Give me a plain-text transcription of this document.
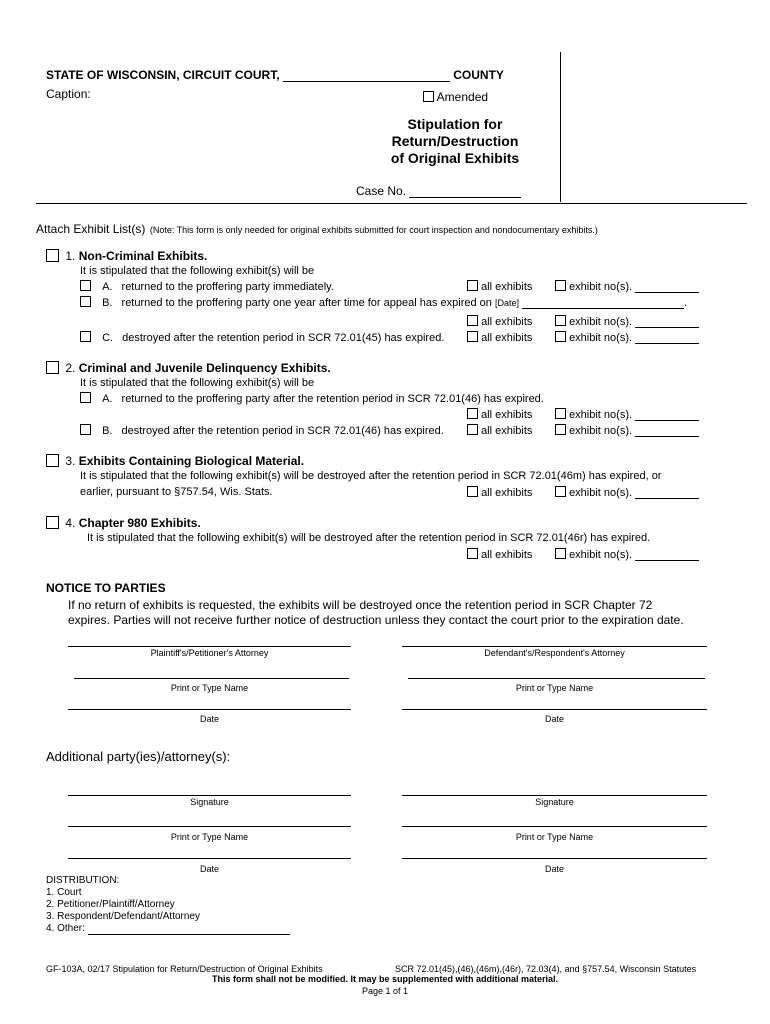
STATE OF WISCONSIN, CIRCUIT COURT,	COUNTY
Caption:	Amended
Stipulation for
Return/Destruction
of Original Exhibits
Case No.
Attach Exhibit List(s) (Note: This form is only needed for original exhibits submitted for court inspection and nondocumentary exhibits.)
1. Non-Criminal Exhibits.
It is stipulated that the following exhibit(s) will be
A. returned to the proffering party immediately.	all exhibits	exhibit no(s).
B. returned to the proffering party one year after time for appeal has expired on [Date]	.
all exhibits	exhibit no(s).
C. destroyed after the retention period in SCR 72.01(45) has expired.	all exhibits	exhibit no(s).
2. Criminal and Juvenile Delinquency Exhibits.
It is stipulated that the following exhibit(s) will be
A. returned to the proffering party after the retention period in SCR 72.01(46) has expired.
all exhibits	exhibit no(s).
B. destroyed after the retention period in SCR 72.01(46) has expired.	all exhibits	exhibit no(s).
3. Exhibits Containing Biological Material.
It is stipulated that the following exhibit(s) will be destroyed after the retention period in SCR 72.01(46m) has expired, or
earlier, pursuant to §757.54, Wis. Stats.	all exhibits	exhibit no(s).
4. Chapter 980 Exhibits.
It is stipulated that the following exhibit(s) will be destroyed after the retention period in SCR 72.01(46r) has expired.
all exhibits	exhibit no(s).
NOTICE TO PARTIES
If no return of exhibits is requested, the exhibits will be destroyed once the retention period in SCR Chapter 72
expires. Parties will not receive further notice of destruction unless they contact the court prior to the expiration date.
Plaintiff's/Petitioner's Attorney	Defendant's/Respondent's Attorney
Print or Type Name	Print or Type Name
Date	Date
Additional party(ies)/attorney(s):
Signature	Signature
Print or Type Name	Print or Type Name
Date	Date
DISTRIBUTION:
1. Court
2. Petitioner/Plaintiff/Attorney
3. Respondent/Defendant/Attorney
4. Other:
GF-103A, 02/17 Stipulation for Return/Destruction of Original Exhibits	SCR 72.01(45),(46),(46m),(46r), 72.03(4), and §757.54, Wisconsin Statutes
This form shall not be modified. It may be supplemented with additional material.
Page 1 of 1
